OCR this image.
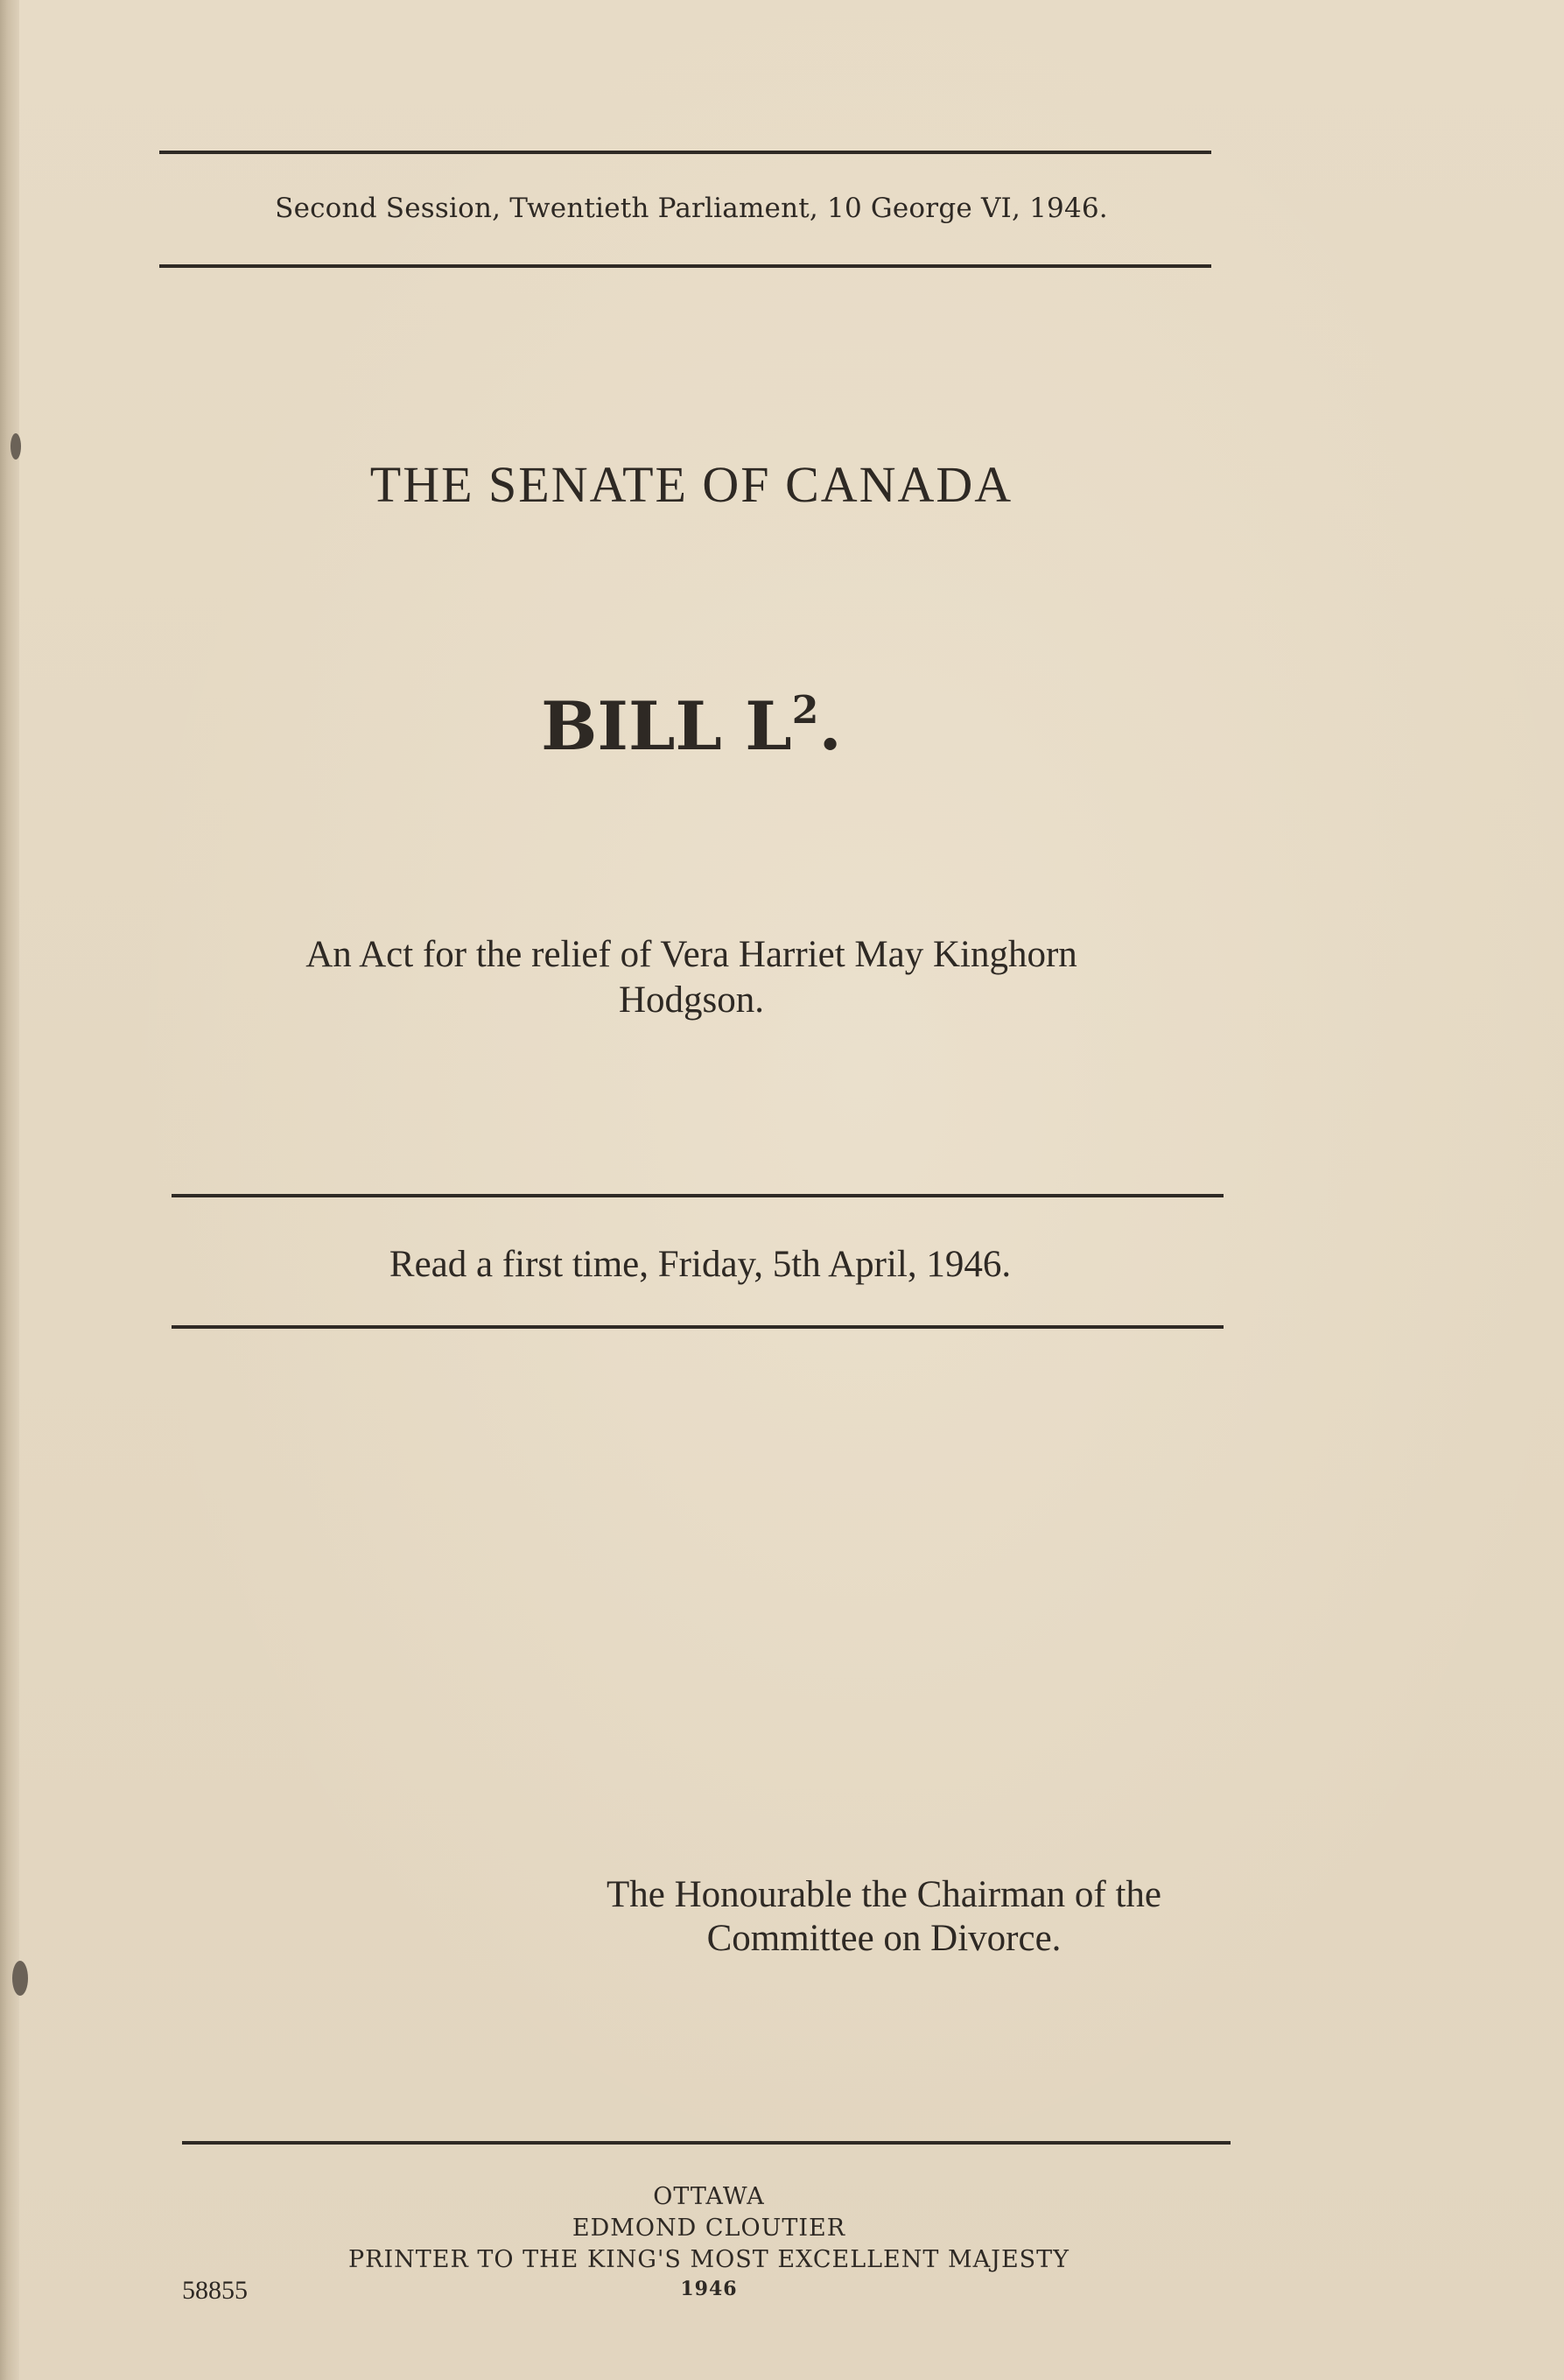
Second Session, Twentieth Parliament, 10 George VI, 1946.
THE SENATE OF CANADA
BILL $L^2$.
An Act for the relief of Vera Harriet May Kinghorn
Hodgson.
Read a first time, Friday, 5th April, 1946.
The Honourable the Chairman of the
Committee on Divorce.
OTTAWA
EDMOND CLOUTIER
PRINTER TO THE KING'S MOST EXCELLENT MAJESTY
1946
58855
